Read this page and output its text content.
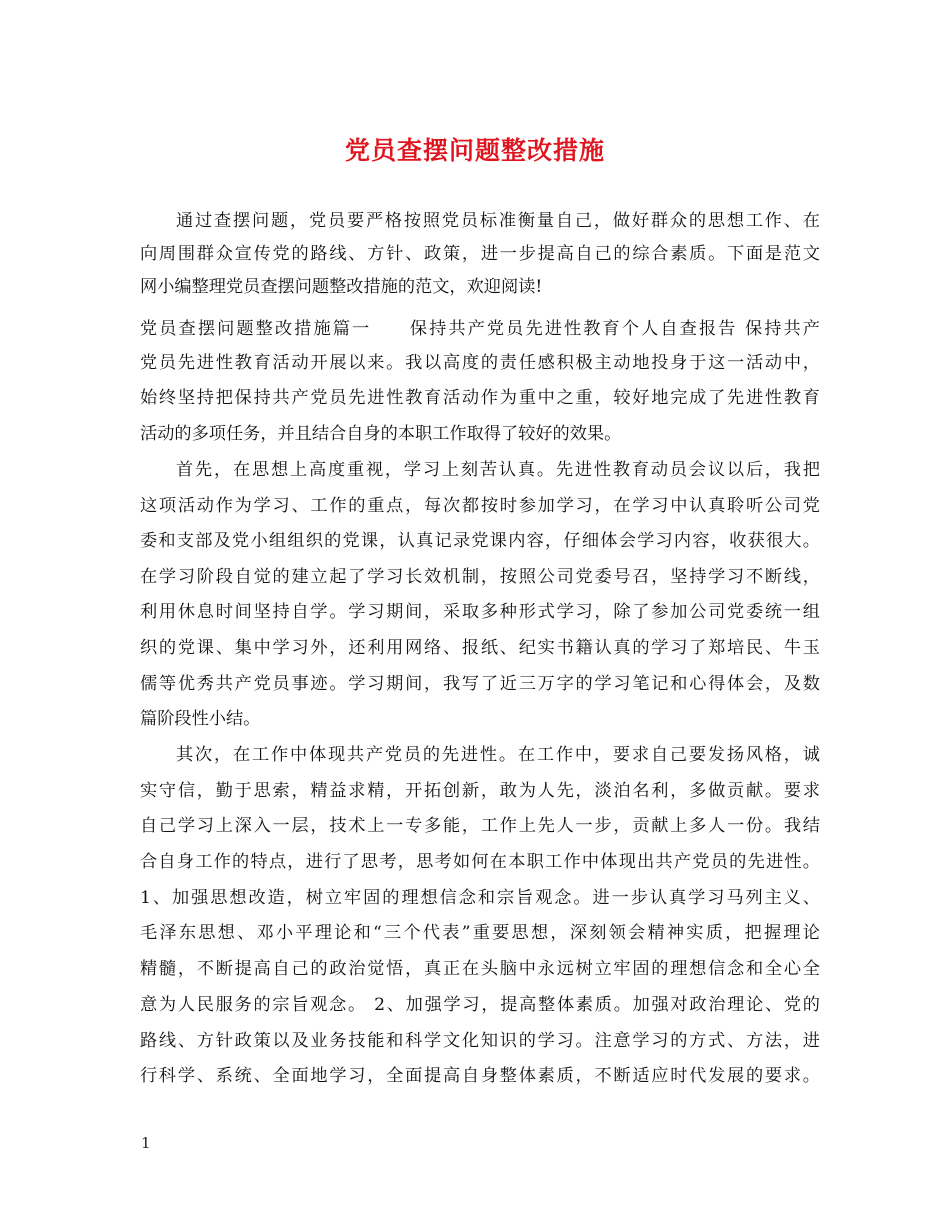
党员查摆问题整改措施
通过查摆问题，党员要严格按照党员标准衡量自己，做好群众的思想工作、在
向周围群众宣传党的路线、方针、政策，进一步提高自己的综合素质。下面是范文
网小编整理党员查摆问题整改措施的范文，欢迎阅读!
党员查摆问题整改措施篇一　　保持共产党员先进性教育个人自查报告 保持共产
党员先进性教育活动开展以来。我以高度的责任感积极主动地投身于这一活动中，
始终坚持把保持共产党员先进性教育活动作为重中之重，较好地完成了先进性教育
活动的多项任务，并且结合自身的本职工作取得了较好的效果。
首先，在思想上高度重视，学习上刻苦认真。先进性教育动员会议以后，我把
这项活动作为学习、工作的重点，每次都按时参加学习，在学习中认真聆听公司党
委和支部及党小组组织的党课，认真记录党课内容，仔细体会学习内容，收获很大。
在学习阶段自觉的建立起了学习长效机制，按照公司党委号召，坚持学习不断线，
利用休息时间坚持自学。学习期间，采取多种形式学习，除了参加公司党委统一组
织的党课、集中学习外，还利用网络、报纸、纪实书籍认真的学习了郑培民、牛玉
儒等优秀共产党员事迹。学习期间，我写了近三万字的学习笔记和心得体会，及数
篇阶段性小结。
其次，在工作中体现共产党员的先进性。在工作中，要求自己要发扬风格，诚
实守信，勤于思索，精益求精，开拓创新，敢为人先，淡泊名利，多做贡献。要求
自己学习上深入一层，技术上一专多能，工作上先人一步，贡献上多人一份。我结
合自身工作的特点，进行了思考，思考如何在本职工作中体现出共产党员的先进性。
1、加强思想改造，树立牢固的理想信念和宗旨观念。进一步认真学习马列主义、
毛泽东思想、邓小平理论和“三个代表”重要思想，深刻领会精神实质，把握理论
精髓，不断提高自己的政治觉悟，真正在头脑中永远树立牢固的理想信念和全心全
意为人民服务的宗旨观念。 2、加强学习，提高整体素质。加强对政治理论、党的
路线、方针政策以及业务技能和科学文化知识的学习。注意学习的方式、方法，进
行科学、系统、全面地学习，全面提高自身整体素质，不断适应时代发展的要求。
1
